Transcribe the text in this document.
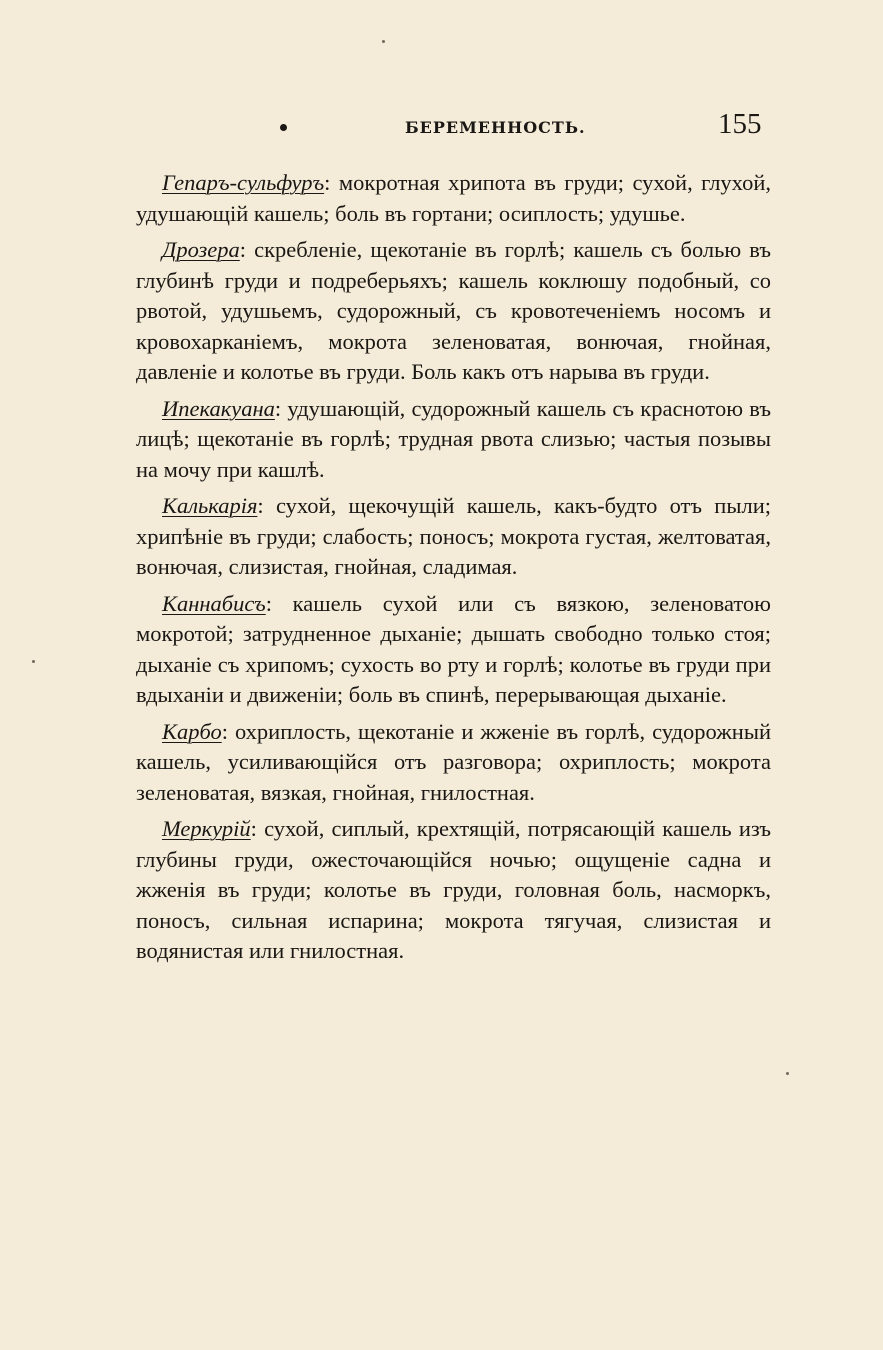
БЕРЕМЕННОСТЬ.	155

Гепаръ-сульфуръ: мокротная хрипота въ груди; сухой, глухой, удушающій кашель; боль въ гортани; осиплость; удушье.

Дрозера: скребленіе, щекотаніе въ горлѣ; кашель съ болью въ глубинѣ груди и подреберьяхъ; кашель коклюшу подобный, со рвотой, удушьемъ, судорожный, съ кровотеченіемъ носомъ и кровохарканіемъ, мокрота зеленоватая, вонючая, гнойная, давленіе и колотье въ груди. Боль какъ отъ нарыва въ груди.

Ипекакуана: удушающій, судорожный кашель съ краснотою въ лицѣ; щекотаніе въ горлѣ; трудная рвота слизью; частыя позывы на мочу при кашлѣ.

Калькарія: сухой, щекочущій кашель, какъ-будто отъ пыли; хрипѣніе въ груди; слабость; поносъ; мокрота густая, желтоватая, вонючая, слизистая, гнойная, сладимая.

Каннабисъ: кашель сухой или съ вязкою, зеленоватою мокротой; затрудненное дыханіе; дышать свободно только стоя; дыханіе съ хрипомъ; сухость во рту и горлѣ; колотье въ груди при вдыханіи и движеніи; боль въ спинѣ, перерывающая дыханіе.

Карбо: охриплость, щекотаніе и жженіе въ горлѣ, судорожный кашель, усиливающійся отъ разговора; охриплость; мокрота зеленоватая, вязкая, гнойная, гнилостная.

Меркурій: сухой, сиплый, крехтящій, потрясающій кашель изъ глубины груди, ожесточающійся ночью; ощущеніе садна и жженія въ груди; колотье въ груди, головная боль, насморкъ, поносъ, сильная испарина; мокрота тягучая, слизистая и водянистая или гнилостная.
